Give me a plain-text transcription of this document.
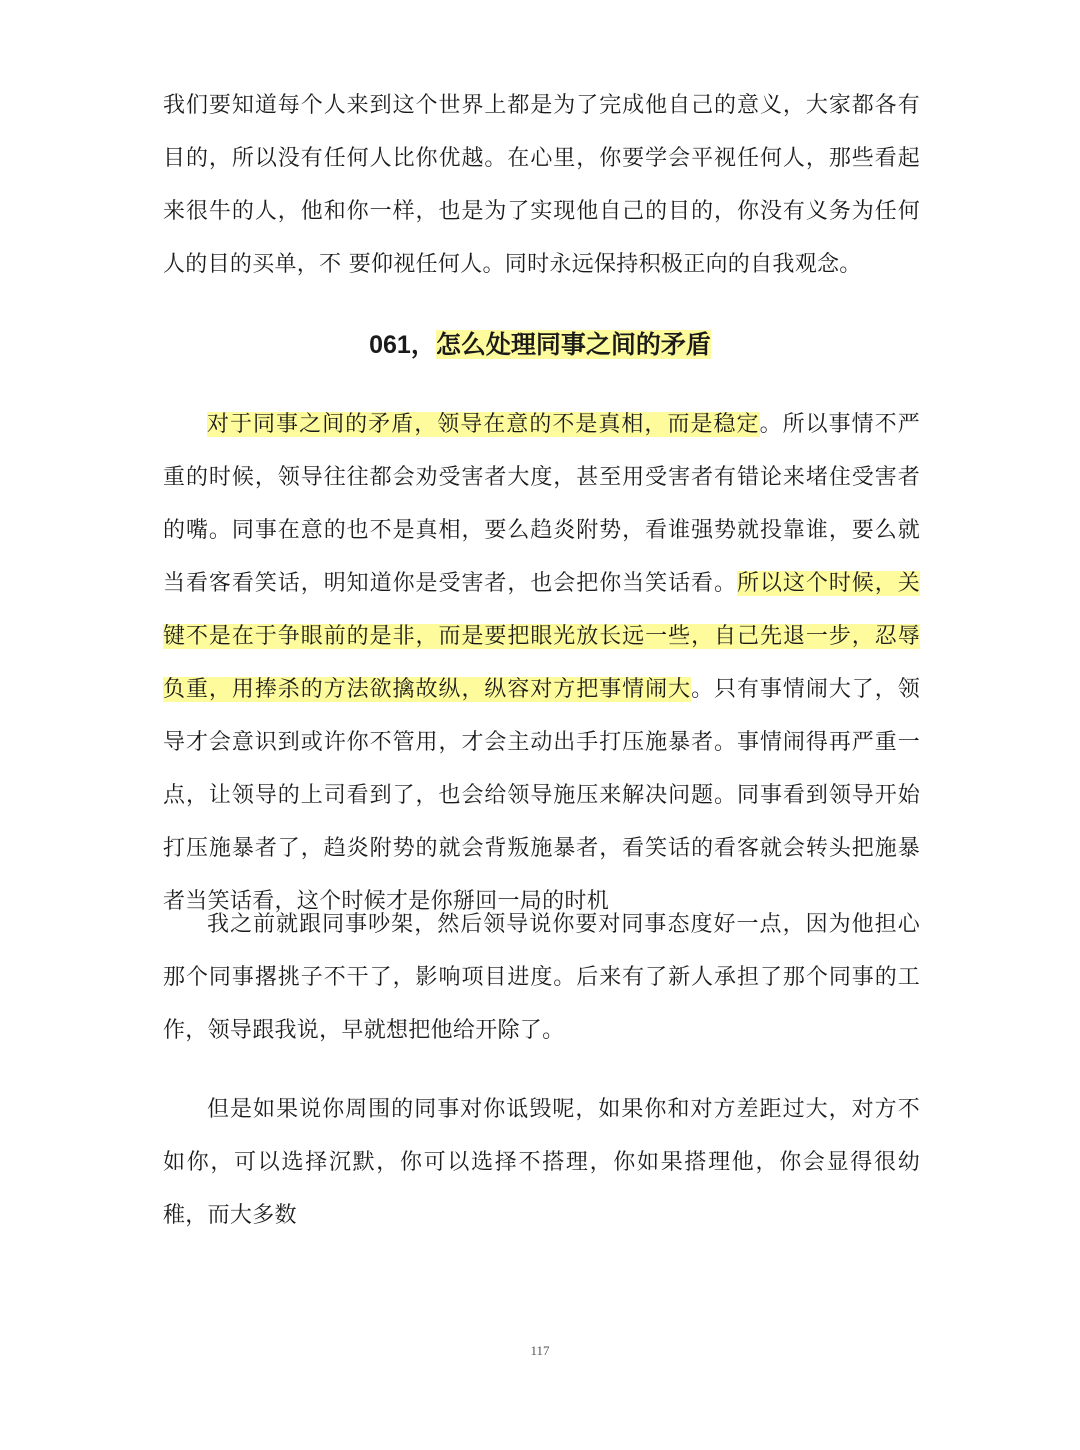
我们要知道每个人来到这个世界上都是为了完成他自己的意义，大家都各有目的，所以没有任何人比你优越。在心里，你要学会平视任何人，那些看起来很牛的人，他和你一样，也是为了实现他自己的目的，你没有义务为任何人的目的买单，不 要仰视任何人。同时永远保持积极正向的自我观念。

061，怎么处理同事之间的矛盾

对于同事之间的矛盾，领导在意的不是真相，而是稳定。所以事情不严重的时候，领导往往都会劝受害者大度，甚至用受害者有错论来堵住受害者的嘴。同事在意的也不是真相，要么趋炎附势，看谁强势就投靠谁，要么就当看客看笑话，明知道你是受害者，也会把你当笑话看。所以这个时候，关键不是在于争眼前的是非，而是要把眼光放长远一些，自己先退一步，忍辱负重，用捧杀的方法欲擒故纵，纵容对方把事情闹大。只有事情闹大了，领导才会意识到或许你不管用，才会主动出手打压施暴者。事情闹得再严重一点，让领导的上司看到了，也会给领导施压来解决问题。同事看到领导开始打压施暴者了，趋炎附势的就会背叛施暴者，看笑话的看客就会转头把施暴者当笑话看，这个时候才是你掰回一局的时机

我之前就跟同事吵架，然后领导说你要对同事态度好一点，因为他担心那个同事撂挑子不干了，影响项目进度。后来有了新人承担了那个同事的工作，领导跟我说，早就想把他给开除了。

但是如果说你周围的同事对你诋毁呢，如果你和对方差距过大，对方不如你，可以选择沉默，你可以选择不搭理，你如果搭理他，你会显得很幼稚，而大多数

117
